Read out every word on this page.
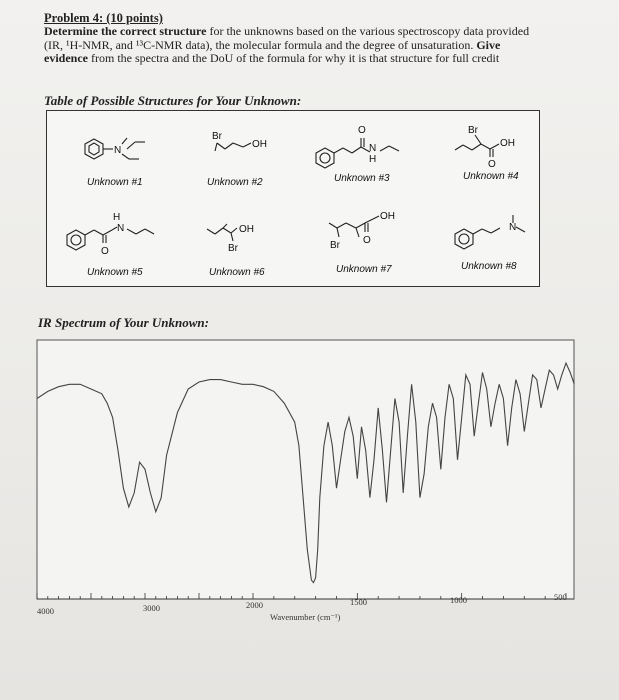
Problem 4: (10 points)
Determine the correct structure for the unknowns based on the various spectroscopy data provided (IR, ¹H-NMR, and ¹³C-NMR data), the molecular formula and the degree of unsaturation. Give evidence from the spectra and the DoU of the formula for why it is that structure for full credit
Table of Possible Structures for Your Unknown:
N
Br
OH
O
N
H
Br
OH
O
H
N
O
OH
Br	Br O
OH
N
Unknown #1	Unknown #2	Unknown #3	Unknown #4
Unknown #5	Unknown #6	Unknown #7	Unknown #8
IR Spectrum of Your Unknown:
4000	3000	2000	1500	1000	500
Wavenumber (cm⁻¹)
